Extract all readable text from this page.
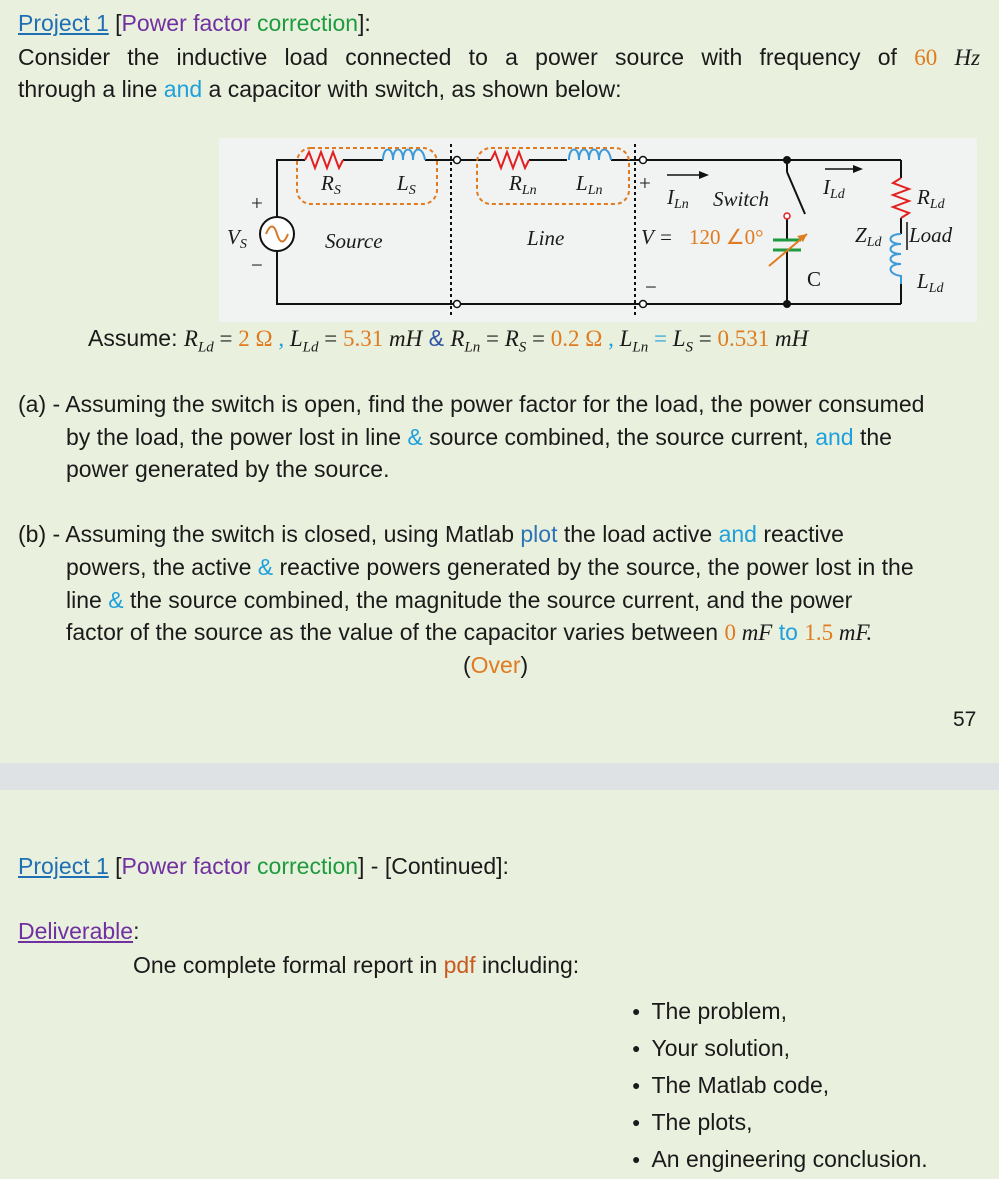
Project 1 [Power factor correction]:
Consider the inductive load connected to a power source with frequency of 60 Hz
through a line and a capacitor with switch, as shown below:
RS	LS	RLn LLn	ILn Switch	ILd	RLd
ZLd Load
LLd
VS	Source	Line
C
V = 120 ∠0°
+
−
+
−
Assume: $R_{Ld} = 2$ Ω , $L_{Ld} = 5.31$ mH & $R_{Ln} = R_S = 0.2$ Ω , $L_{Ln} = L_S = 0.531$ mH
(a) - Assuming the switch is open, find the power factor for the load, the power consumed
by the load, the power lost in line & source combined, the source current, and the
power generated by the source.
(b) - Assuming the switch is closed, using Matlab plot the load active and reactive
powers, the active & reactive powers generated by the source, the power lost in the
line & the source combined, the magnitude the source current, and the power
factor of the source as the value of the capacitor varies between 0 mF to 1.5 mF.
(Over)
57
Project 1 [Power factor correction] - [Continued]:
Deliverable:
One complete formal report in pdf including:
● The problem,
● Your solution,
● The Matlab code,
● The plots,
● An engineering conclusion.
